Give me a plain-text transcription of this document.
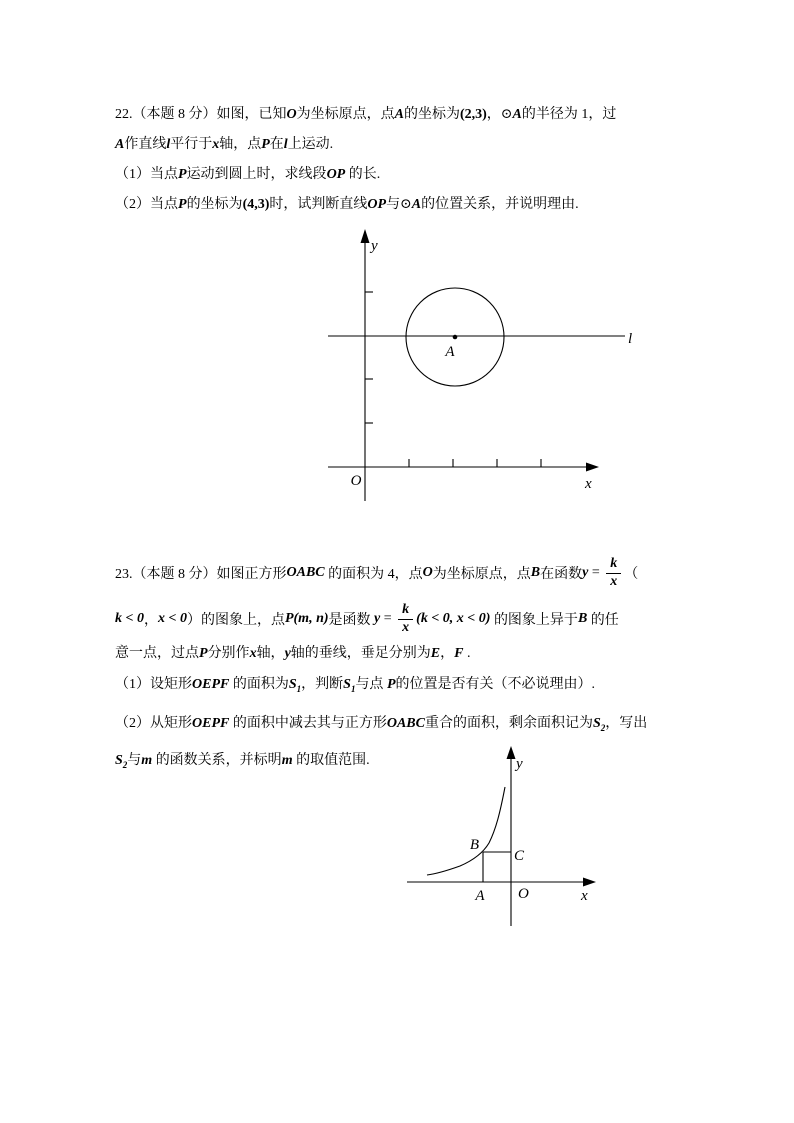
22.（本题 8 分）如图，已知O为坐标原点，点A的坐标为(2,3)，⊙A的半径为 1，过
A作直线l平行于x轴，点P在l上运动.
（1）当点P运动到圆上时，求线段OP 的长.
（2）当点P的坐标为(4,3)时，试判断直线OP与⊙A的位置关系，并说明理由.
y
x
O
l
A
23.（本题 8 分）如图正方形 OABC 的面积为 4，点 O 为坐标原点，点 B 在函数 $y = \frac{k}{x}$ （
k < 0 ， x < 0 ）的图象上，点 P(m, n) 是函数 $y = \frac{k}{x} (k < 0$, x < 0) 的图象上异于 B 的任
意一点，过点P分别作x轴，y轴的垂线，垂足分别为E，F .
（1）设矩形OEPF 的面积为$S_1$，判断$S_1$与点 P的位置是否有关（不必说理由）.
（2）从矩形OEPF 的面积中减去其与正方形OABC重合的面积，剩余面积记为$S_2$，写出
$S_2$与m 的函数关系，并标明m 的取值范围.	y
x
O
B
C
A
